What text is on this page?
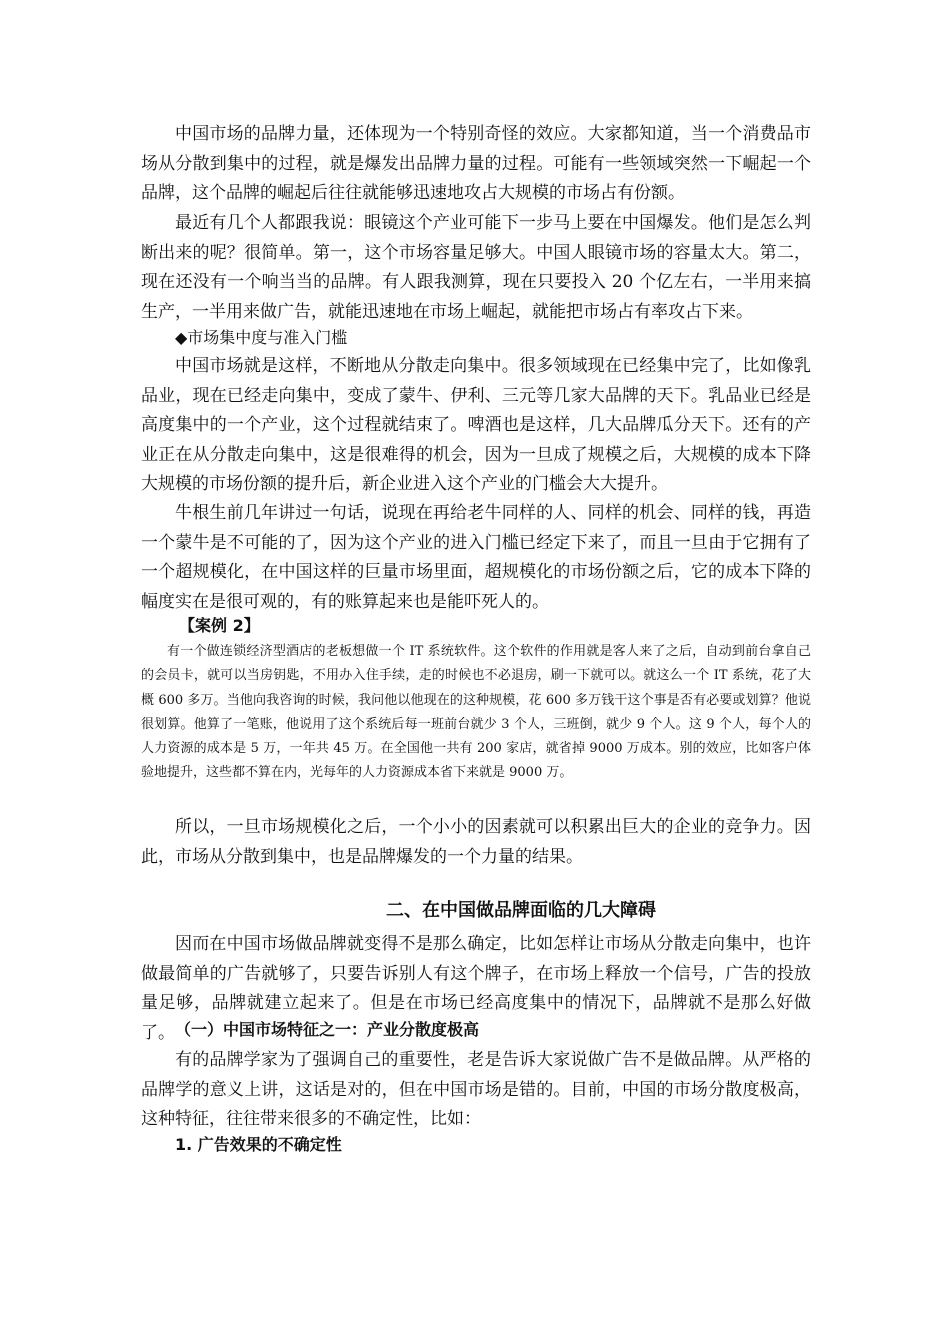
中国市场的品牌力量，还体现为一个特别奇怪的效应。大家都知道，当一个消费品市场从分散到集中的过程，就是爆发出品牌力量的过程。可能有一些领域突然一下崛起一个品牌，这个品牌的崛起后往往就能够迅速地攻占大规模的市场占有份额。

最近有几个人都跟我说：眼镜这个产业可能下一步马上要在中国爆发。他们是怎么判断出来的呢？很简单。第一，这个市场容量足够大。中国人眼镜市场的容量太大。第二，现在还没有一个响当当的品牌。有人跟我测算，现在只要投入 20 个亿左右，一半用来搞生产，一半用来做广告，就能迅速地在市场上崛起，就能把市场占有率攻占下来。

◆市场集中度与准入门槛

中国市场就是这样，不断地从分散走向集中。很多领域现在已经集中完了，比如像乳品业，现在已经走向集中，变成了蒙牛、伊利、三元等几家大品牌的天下。乳品业已经是高度集中的一个产业，这个过程就结束了。啤酒也是这样，几大品牌瓜分天下。还有的产业正在从分散走向集中，这是很难得的机会，因为一旦成了规模之后，大规模的成本下降大规模的市场份额的提升后，新企业进入这个产业的门槛会大大提升。

牛根生前几年讲过一句话，说现在再给老牛同样的人、同样的机会、同样的钱，再造一个蒙牛是不可能的了，因为这个产业的进入门槛已经定下来了，而且一旦由于它拥有了一个超规模化，在中国这样的巨量市场里面，超规模化的市场份额之后，它的成本下降的幅度实在是很可观的，有的账算起来也是能吓死人的。

【案例 2】

有一个做连锁经济型酒店的老板想做一个 IT 系统软件。这个软件的作用就是客人来了之后，自动到前台拿自己的会员卡，就可以当房钥匙，不用办入住手续，走的时候也不必退房，刷一下就可以。就这么一个 IT 系统，花了大概 600 多万。当他向我咨询的时候，我问他以他现在的这种规模，花 600 多万钱干这个事是否有必要或划算？他说很划算。他算了一笔账，他说用了这个系统后每一班前台就少 3 个人，三班倒，就少 9 个人。这 9 个人，每个人的人力资源的成本是 5 万，一年共 45 万。在全国他一共有 200 家店，就省掉 9000 万成本。别的效应，比如客户体验地提升，这些都不算在内，光每年的人力资源成本省下来就是 9000 万。

所以，一旦市场规模化之后，一个小小的因素就可以积累出巨大的企业的竞争力。因此，市场从分散到集中，也是品牌爆发的一个力量的结果。

二、在中国做品牌面临的几大障碍

因而在中国市场做品牌就变得不是那么确定，比如怎样让市场从分散走向集中，也许做最简单的广告就够了，只要告诉别人有这个牌子，在市场上释放一个信号，广告的投放量足够，品牌就建立起来了。但是在市场已经高度集中的情况下，品牌就不是那么好做了。 （一）中国市场特征之一：产业分散度极高

有的品牌学家为了强调自己的重要性，老是告诉大家说做广告不是做品牌。从严格的品牌学的意义上讲，这话是对的，但在中国市场是错的。目前，中国的市场分散度极高，这种特征，往往带来很多的不确定性，比如：

1. 广告效果的不确定性
